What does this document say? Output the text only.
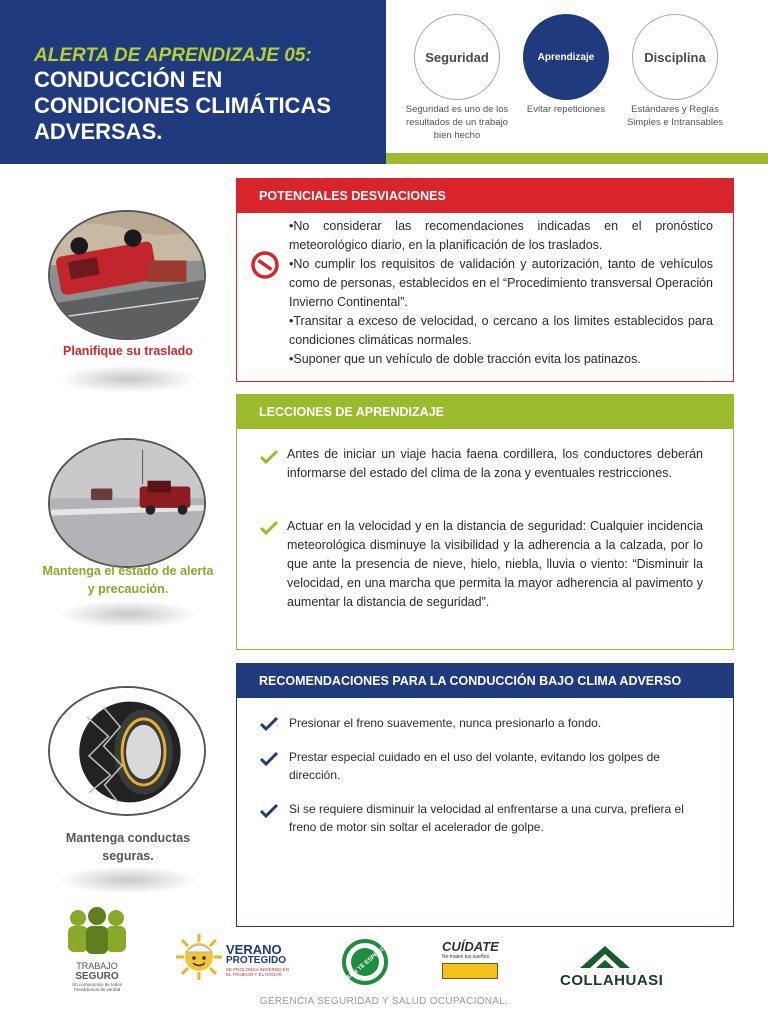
ALERTA DE APRENDIZAJE 05:
CONDUCCIÓN EN CONDICIONES CLIMÁTICAS ADVERSAS.
Seguridad	Aprendizaje	Disciplina
Seguridad es uno de los resultados de un trabajo bien hecho
Evitar repeticiones	Estándares y Reglas Simples e Intransables
Planifique su traslado
Mantenga el estado de alerta y precaución.
Mantenga conductas seguras.
POTENCIALES DESVIACIONES

•No considerar las recomendaciones indicadas en el pronóstico meteorológico diario, en la planificación de los traslados.

•No cumplir los requisitos de validación y autorización, tanto de vehículos como de personas, establecidos en el “Procedimiento transversal Operación Invierno Continental”.

•Transitar a exceso de velocidad, o cercano a los limites establecidos para condiciones climáticas normales.

•Suponer que un vehículo de doble tracción evita los patinazos.

LECCIONES DE APRENDIZAJE
Antes de iniciar un viaje hacia faena cordillera, los conductores deberán informarse del estado del clima de la zona y eventuales restricciones.
Actuar en la velocidad y en la distancia de seguridad: Cualquier incidencia meteorológica disminuye la visibilidad y la adherencia a la calzada, por lo que ante la presencia de nieve, hielo, niebla, lluvia o viento: “Disminuir la velocidad, en una marcha que permita la mayor adherencia al pavimento y aumentar la distancia de seguridad”.
RECOMENDACIONES PARA LA CONDUCCIÓN BAJO CLIMA ADVERSO
Presionar el freno suavemente, nunca presionarlo a fondo.
Prestar especial cuidado en el uso del volante, evitando los golpes de dirección.
Si se requiere disminuir la velocidad al enfrentarse a una curva, prefiera el freno de motor sin soltar el acelerador de golpe.
TRABAJO
SEGURO
Un compromiso de todos
Prevámonos de verdad
VERANO
PROTEGIDO
SE PROLONGA INVIERNO EN EL TRABAJO Y EL HOGAR	AÚN TE ESPERO	CUÍDATE
No mates tus sueños
COLLAHUASI
GERENCIA SEGURIDAD Y SALUD OCUPACIONAL.
